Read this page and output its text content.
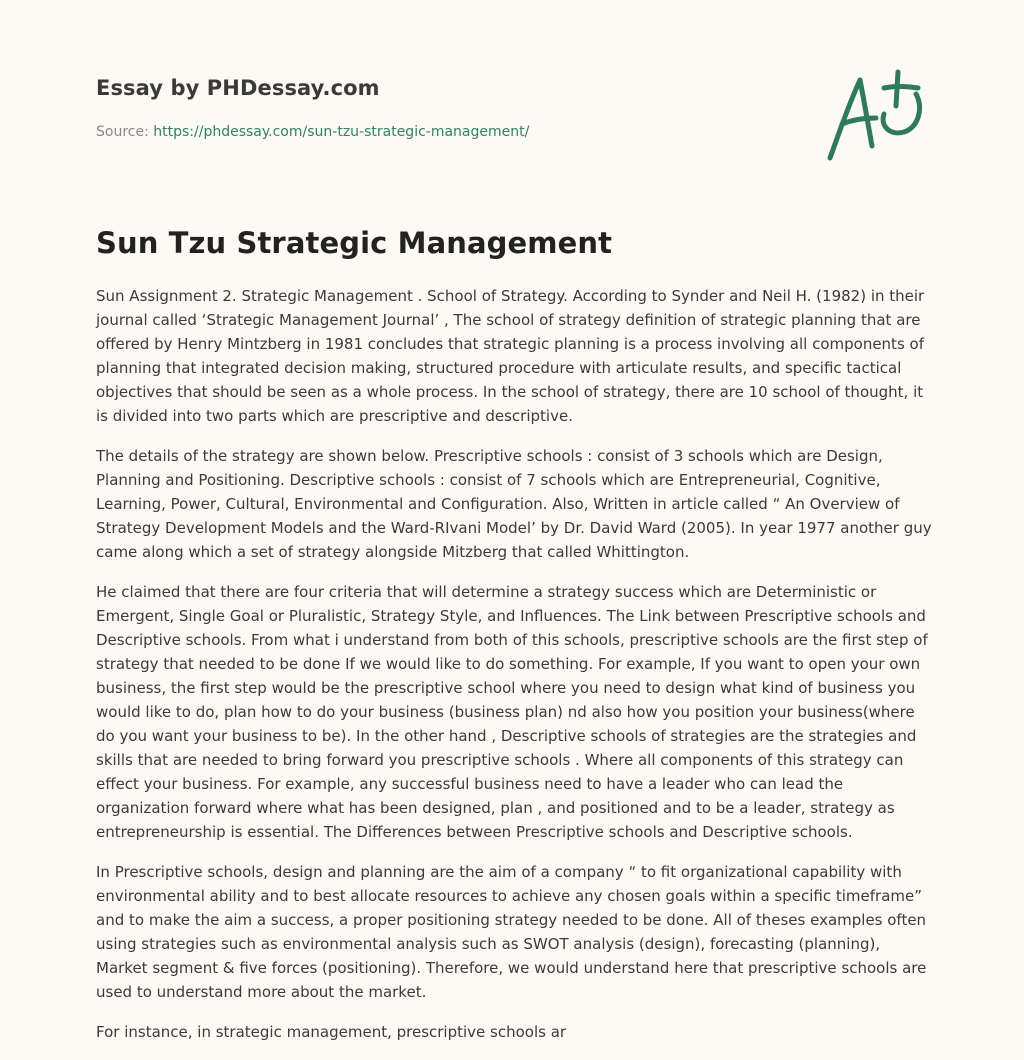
Essay by PHDessay.com

Source: https://phdessay.com/sun-tzu-strategic-management/

A+
Sun Tzu Strategic Management

Sun Assignment 2. Strategic Management . School of Strategy. According to Synder and Neil H. (1982) in their journal called ‘Strategic Management Journal’ , The school of strategy definition of strategic planning that are offered by Henry Mintzberg in 1981 concludes that strategic planning is a process involving all components of planning that integrated decision making, structured procedure with articulate results, and specific tactical objectives that should be seen as a whole process. In the school of strategy, there are 10 school of thought, it is divided into two parts which are prescriptive and descriptive.

The details of the strategy are shown below. Prescriptive schools : consist of 3 schools which are Design, Planning and Positioning. Descriptive schools : consist of 7 schools which are Entrepreneurial, Cognitive, Learning, Power, Cultural, Environmental and Configuration. Also, Written in article called “ An Overview of Strategy Development Models and the Ward-RIvani Model’ by Dr. David Ward (2005). In year 1977 another guy came along which a set of strategy alongside Mitzberg that called Whittington.

He claimed that there are four criteria that will determine a strategy success which are Deterministic or Emergent, Single Goal or Pluralistic, Strategy Style, and Influences. The Link between Prescriptive schools and Descriptive schools. From what i understand from both of this schools, prescriptive schools are the first step of strategy that needed to be done If we would like to do something. For example, If you want to open your own business, the first step would be the prescriptive school where you need to design what kind of business you would like to do, plan how to do your business (business plan) nd also how you position your business(where do you want your business to be). In the other hand , Descriptive schools of strategies are the strategies and skills that are needed to bring forward you prescriptive schools . Where all components of this strategy can effect your business. For example, any successful business need to have a leader who can lead the organization forward where what has been designed, plan , and positioned and to be a leader, strategy as entrepreneurship is essential. The Differences between Prescriptive schools and Descriptive schools.

In Prescriptive schools, design and planning are the aim of a company “ to fit organizational capability with environmental ability and to best allocate resources to achieve any chosen goals within a specific timeframe” and to make the aim a success, a proper positioning strategy needed to be done. All of theses examples often using strategies such as environmental analysis such as SWOT analysis (design), forecasting (planning), Market segment & five forces (positioning). Therefore, we would understand here that prescriptive schools are used to understand more about the market.

For instance, in strategic management, prescriptive schools ar
